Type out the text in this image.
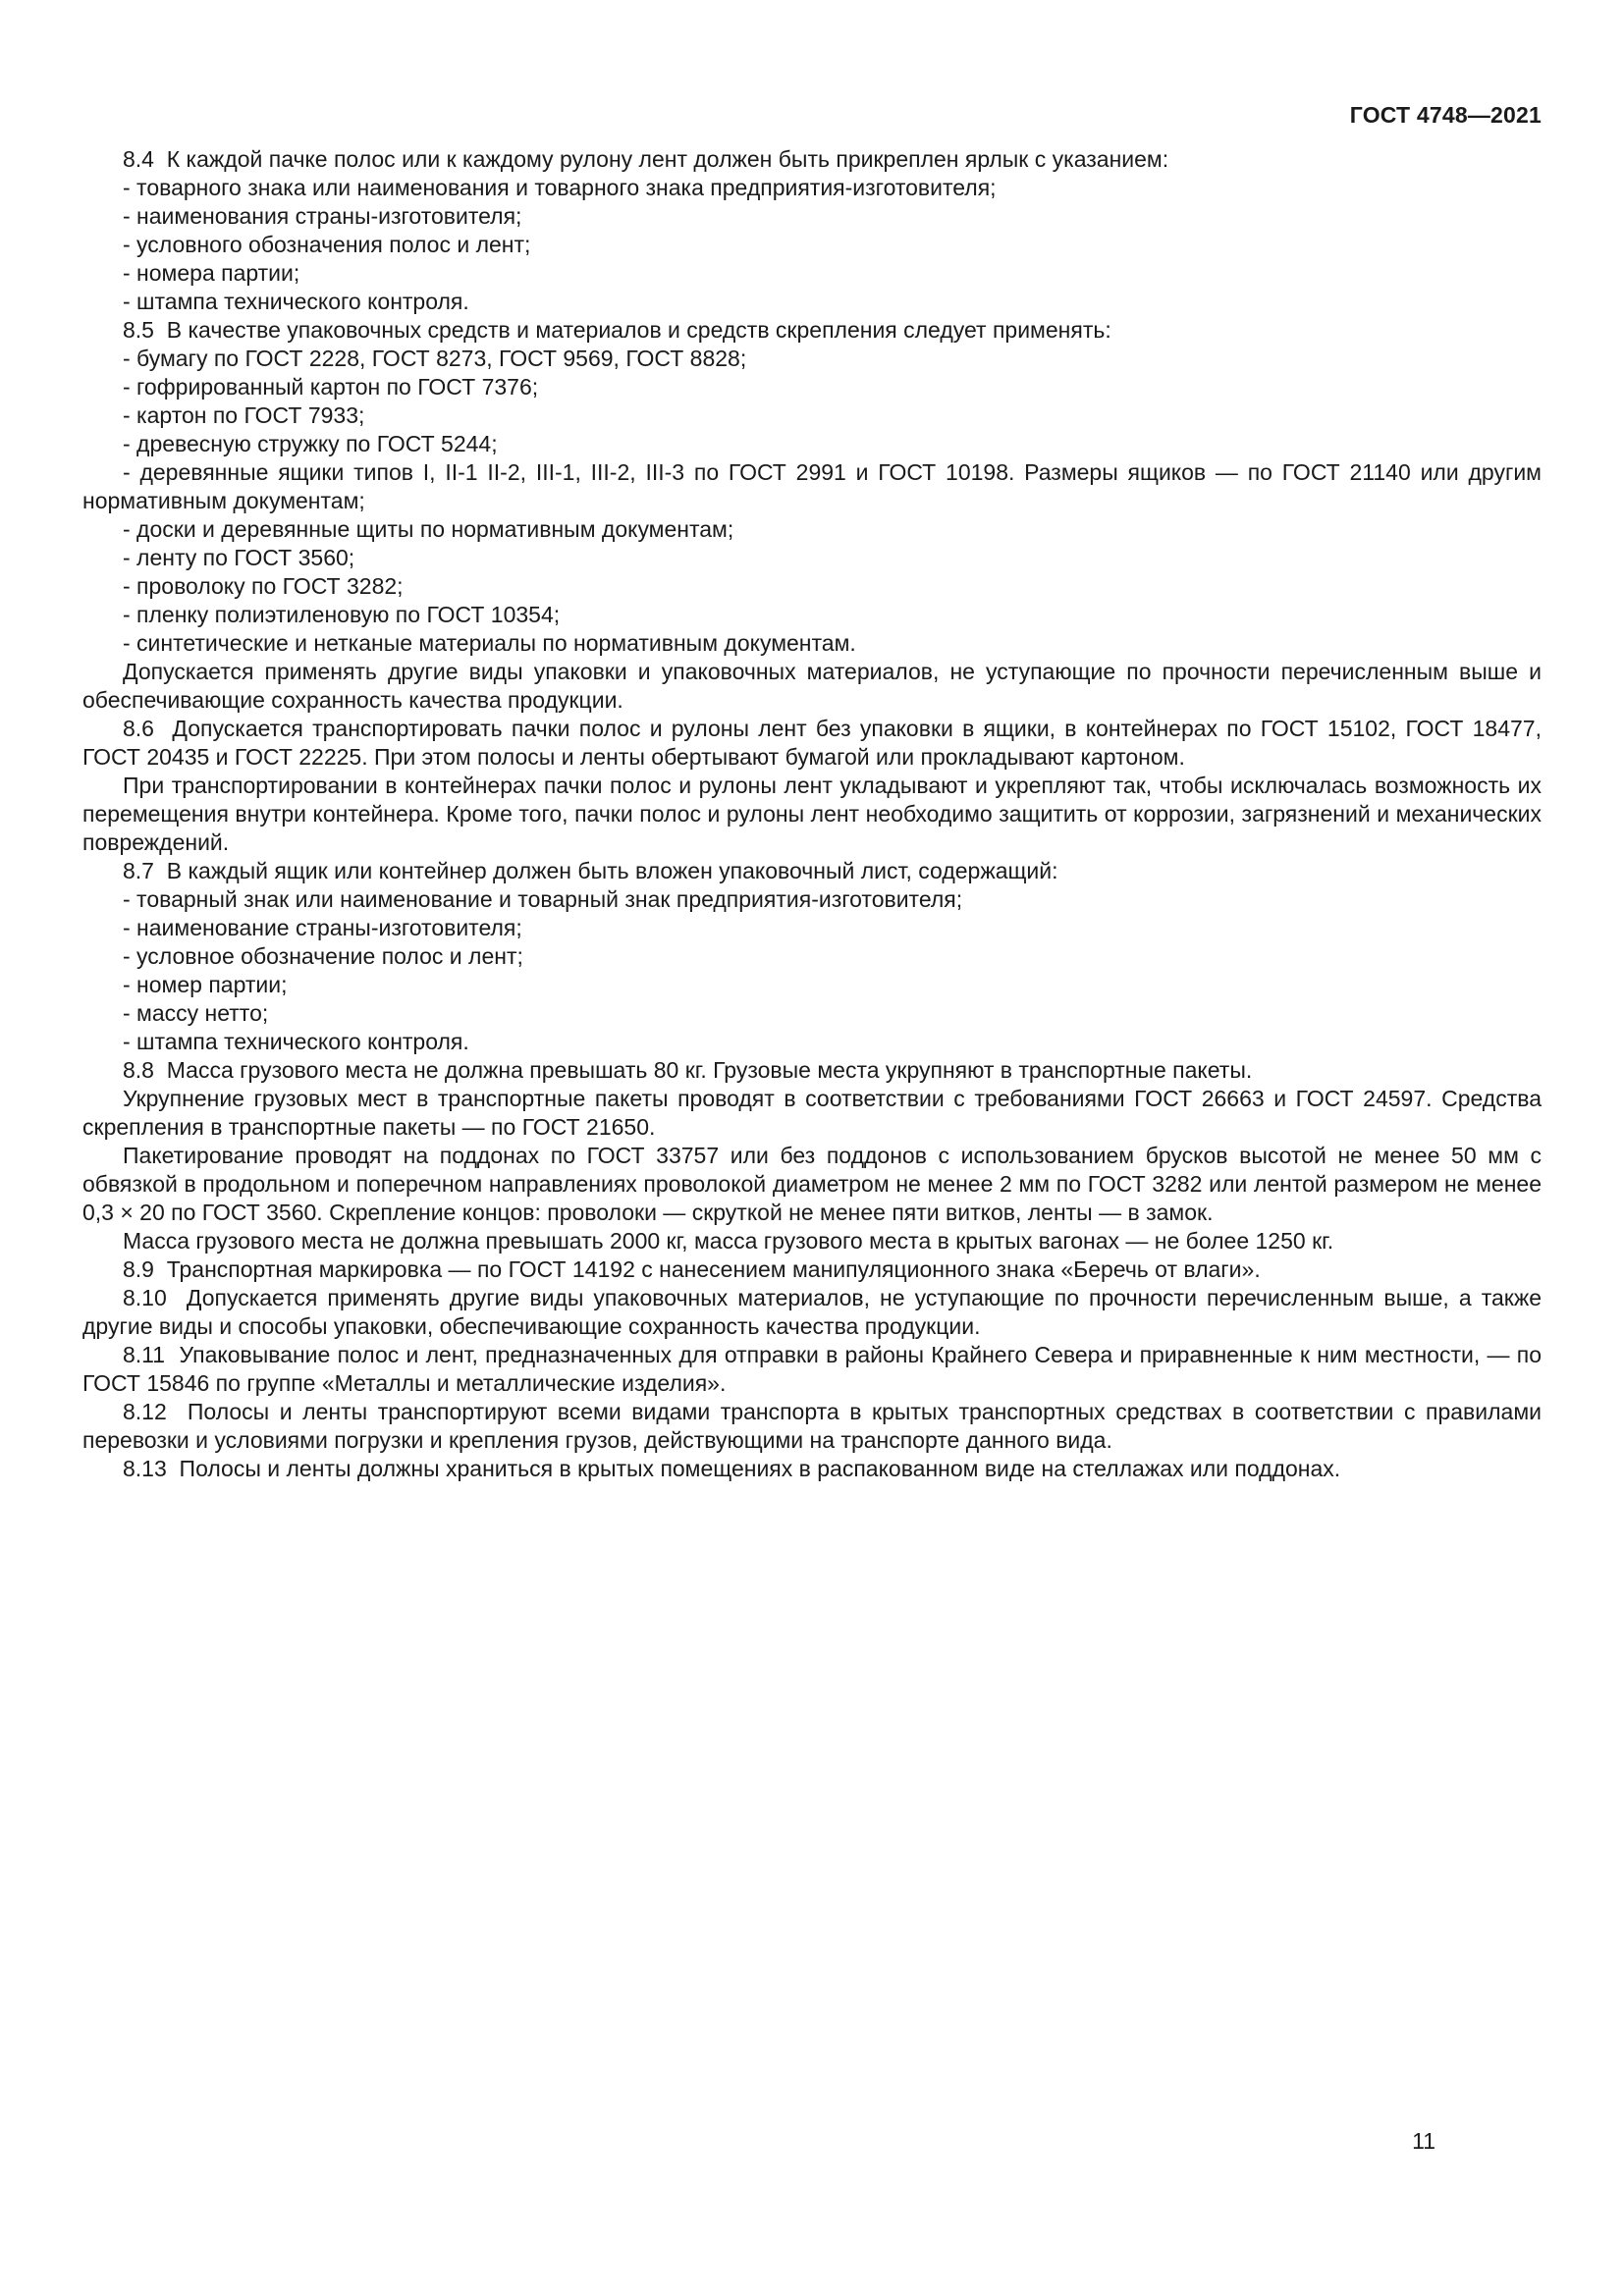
ГОСТ 4748—2021

8.4  К каждой пачке полос или к каждому рулону лент должен быть прикреплен ярлык с указанием:

- товарного знака или наименования и товарного знака предприятия-изготовителя;

- наименования страны-изготовителя;

- условного обозначения полос и лент;

- номера партии;

- штампа технического контроля.

8.5  В качестве упаковочных средств и материалов и средств скрепления следует применять:

- бумагу по ГОСТ 2228, ГОСТ 8273, ГОСТ 9569, ГОСТ 8828;

- гофрированный картон по ГОСТ 7376;

- картон по ГОСТ 7933;

- древесную стружку по ГОСТ 5244;

- деревянные ящики типов I, II-1 II-2, III-1, III-2, III-3 по ГОСТ 2991 и ГОСТ 10198. Размеры ящиков — по ГОСТ 21140 или другим нормативным документам;

- доски и деревянные щиты по нормативным документам;

- ленту по ГОСТ 3560;

- проволоку по ГОСТ 3282;

- пленку полиэтиленовую по ГОСТ 10354;

- синтетические и нетканые материалы по нормативным документам.

Допускается применять другие виды упаковки и упаковочных материалов, не уступающие по прочности перечисленным выше и обеспечивающие сохранность качества продукции.

8.6  Допускается транспортировать пачки полос и рулоны лент без упаковки в ящики, в контейнерах по ГОСТ 15102, ГОСТ 18477, ГОСТ 20435 и ГОСТ 22225. При этом полосы и ленты обертывают бумагой или прокладывают картоном.

При транспортировании в контейнерах пачки полос и рулоны лент укладывают и укрепляют так, чтобы исключалась возможность их перемещения внутри контейнера. Кроме того, пачки полос и рулоны лент необходимо защитить от коррозии, загрязнений и механических повреждений.

8.7  В каждый ящик или контейнер должен быть вложен упаковочный лист, содержащий:

- товарный знак или наименование и товарный знак предприятия-изготовителя;

- наименование страны-изготовителя;

- условное обозначение полос и лент;

- номер партии;

- массу нетто;

- штампа технического контроля.

8.8  Масса грузового места не должна превышать 80 кг. Грузовые места укрупняют в транспортные пакеты.

Укрупнение грузовых мест в транспортные пакеты проводят в соответствии с требованиями ГОСТ 26663 и ГОСТ 24597. Средства скрепления в транспортные пакеты — по ГОСТ 21650.

Пакетирование проводят на поддонах по ГОСТ 33757 или без поддонов с использованием брусков высотой не менее 50 мм с обвязкой в продольном и поперечном направлениях проволокой диаметром не менее 2 мм по ГОСТ 3282 или лентой размером не менее 0,3 × 20 по ГОСТ 3560. Скрепление концов: проволоки — скруткой не менее пяти витков, ленты — в замок.

Масса грузового места не должна превышать 2000 кг, масса грузового места в крытых вагонах — не более 1250 кг.

8.9  Транспортная маркировка — по ГОСТ 14192 с нанесением манипуляционного знака «Беречь от влаги».

8.10  Допускается применять другие виды упаковочных материалов, не уступающие по прочности перечисленным выше, а также другие виды и способы упаковки, обеспечивающие сохранность качества продукции.

8.11  Упаковывание полос и лент, предназначенных для отправки в районы Крайнего Севера и приравненные к ним местности, — по ГОСТ 15846 по группе «Металлы и металлические изделия».

8.12  Полосы и ленты транспортируют всеми видами транспорта в крытых транспортных средствах в соответствии с правилами перевозки и условиями погрузки и крепления грузов, действующими на транспорте данного вида.

8.13  Полосы и ленты должны храниться в крытых помещениях в распакованном виде на стеллажах или поддонах.

11
